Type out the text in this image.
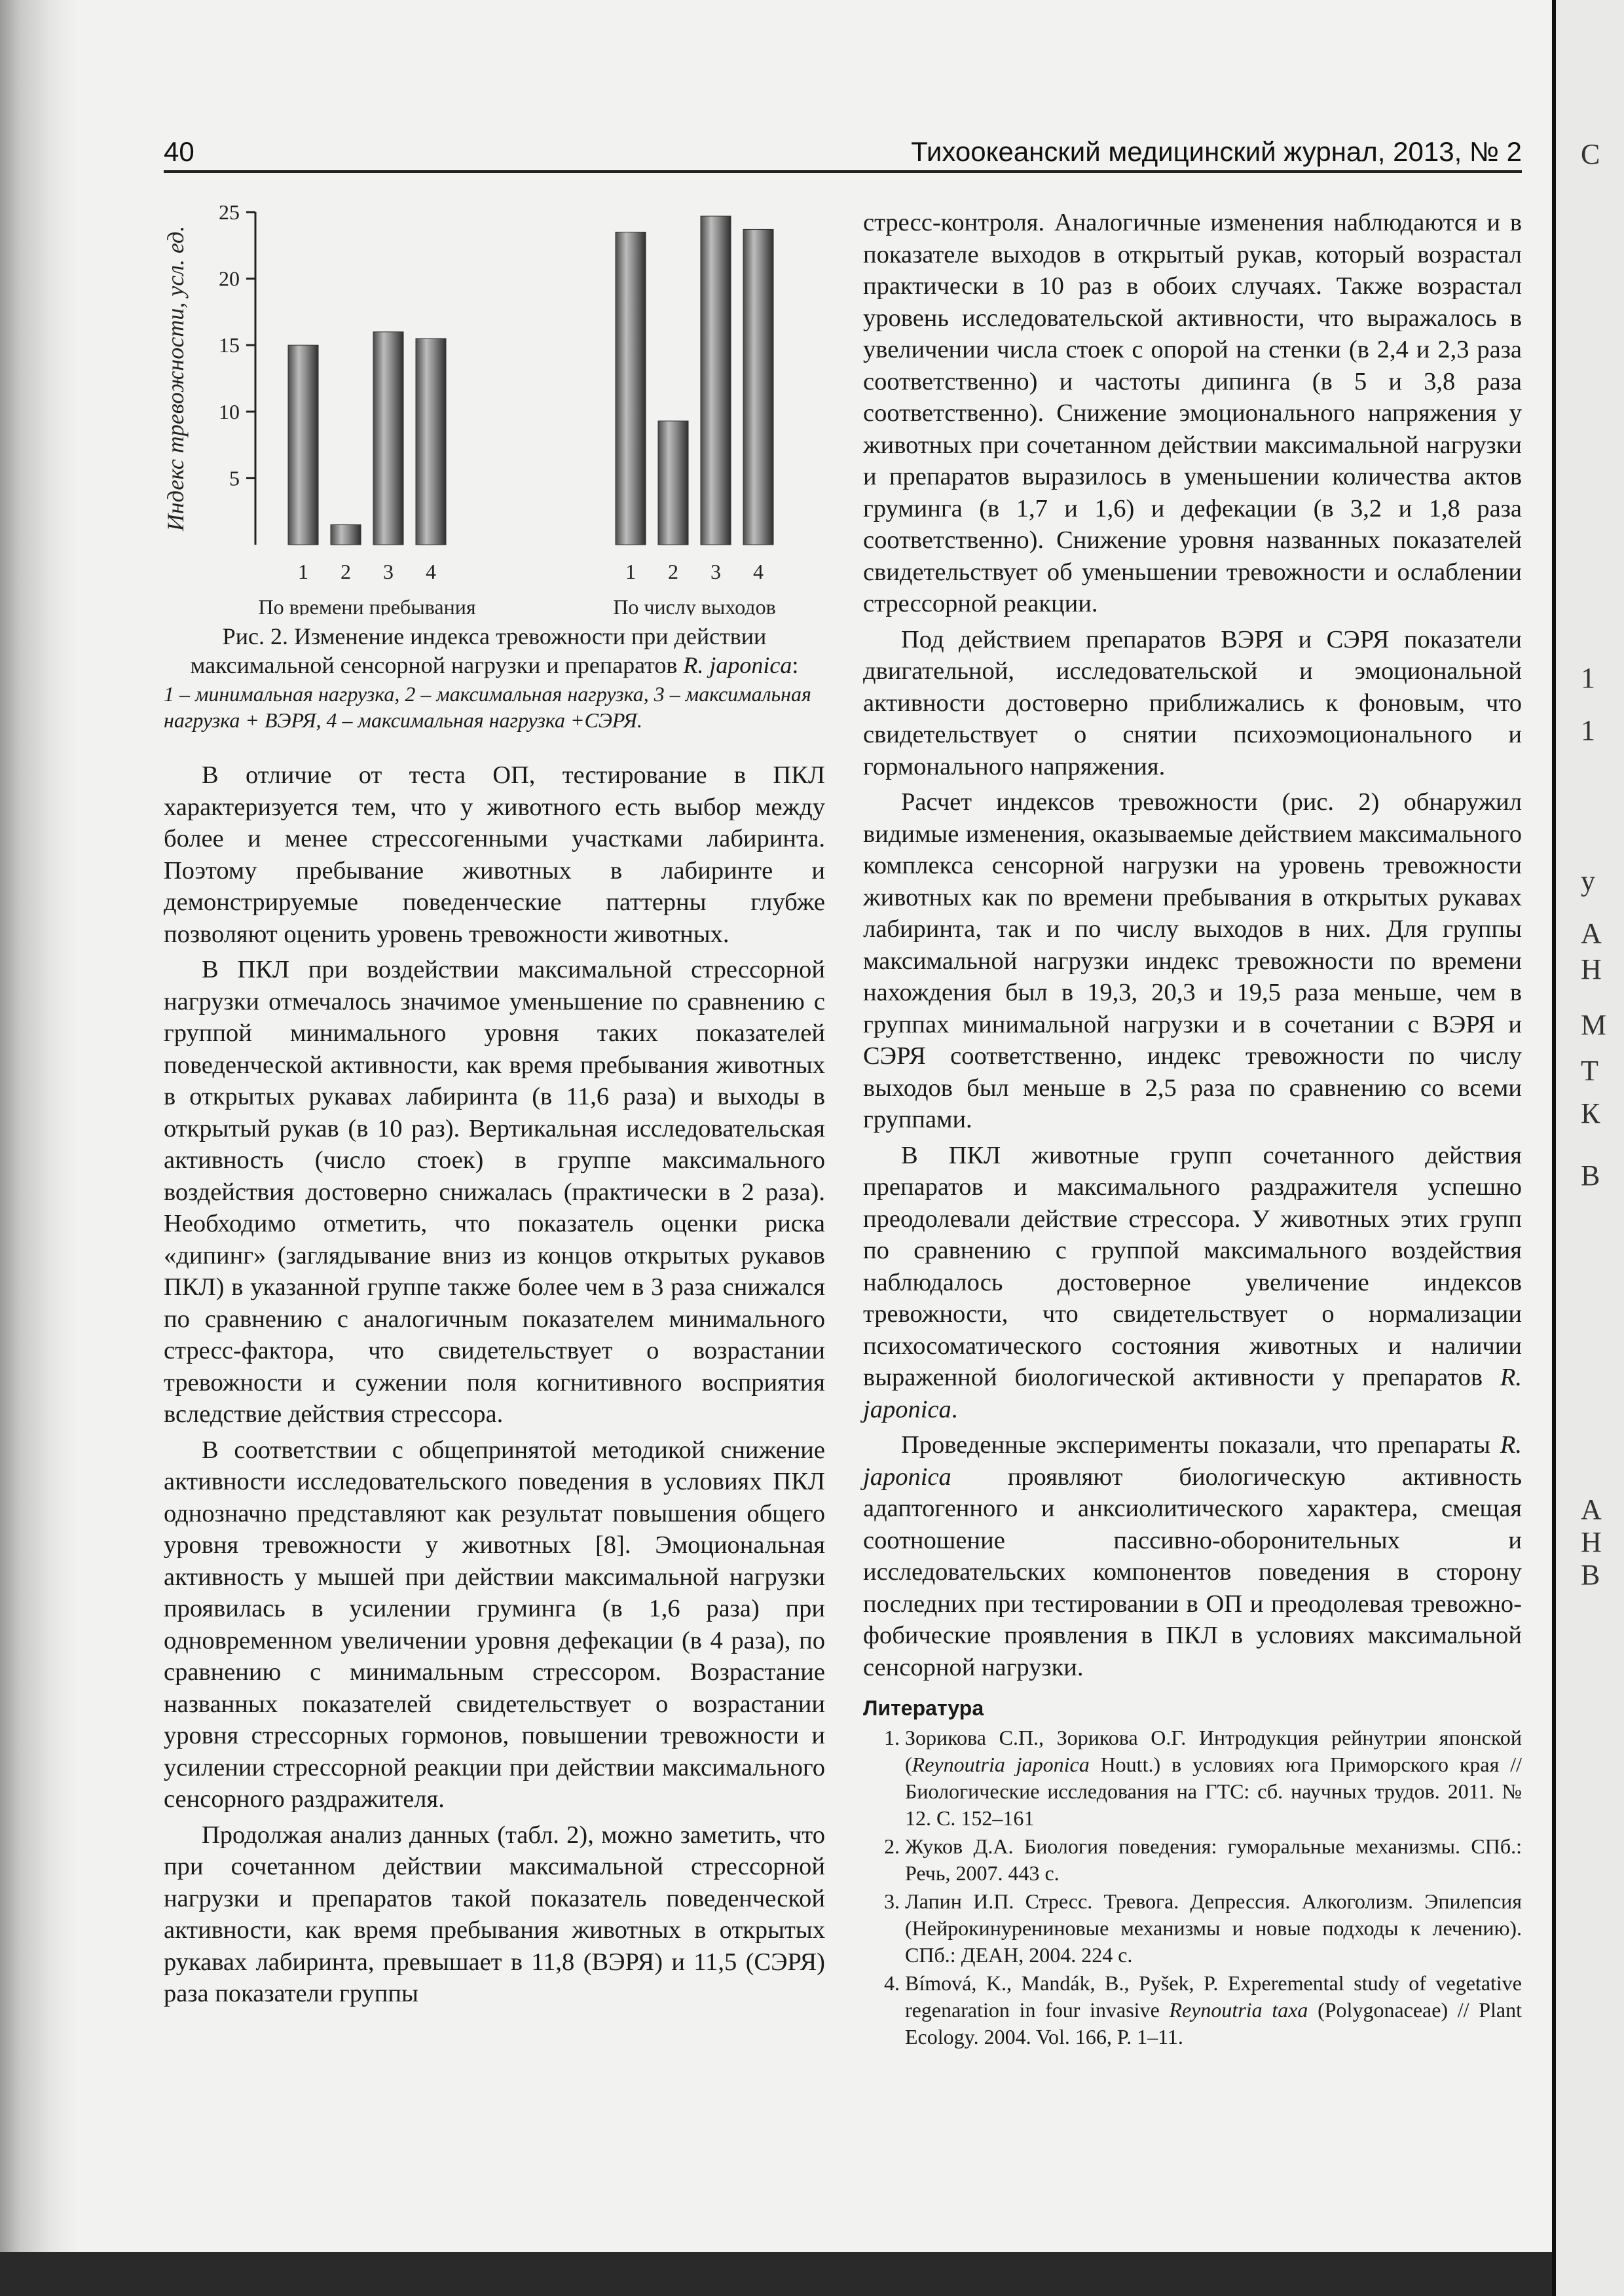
40	Тихоокеанский медицинский журнал, 2013, № 2
5
10
15
20
25
Индекс тревожности, усл. ед.
1 2 3 4
По времени пребывания
1 2 3 4
По числу выходов
Рис. 2. Изменение индекса тревожности при действии
максимальной сенсорной нагрузки и препаратов R. japonica:
1 – минимальная нагрузка, 2 – максимальная нагрузка, 3 – максимальная нагрузка + ВЭРЯ, 4 – максимальная нагрузка +СЭРЯ.

В отличие от теста ОП, тестирование в ПКЛ характеризуется тем, что у животного есть выбор между более и менее стрессогенными участками лабиринта. Поэтому пребывание животных в лабиринте и демонстрируемые поведенческие паттерны глубже позволяют оценить уровень тревожности животных.

В ПКЛ при воздействии максимальной стрессорной нагрузки отмечалось значимое уменьшение по сравнению с группой минимального уровня таких показателей поведенческой активности, как время пребывания животных в открытых рукавах лабиринта (в 11,6 раза) и выходы в открытый рукав (в 10 раз). Вертикальная исследовательская активность (число стоек) в группе максимального воздействия достоверно снижалась (практически в 2 раза). Необходимо отметить, что показатель оценки риска «дипинг» (заглядывание вниз из концов открытых рукавов ПКЛ) в указанной группе также более чем в 3 раза снижался по сравнению с аналогичным показателем минимального стресс-фактора, что свидетельствует о возрастании тревожности и сужении поля когнитивного восприятия вследствие действия стрессора.

В соответствии с общепринятой методикой снижение активности исследовательского поведения в условиях ПКЛ однозначно представляют как результат повышения общего уровня тревожности у животных [8]. Эмоциональная активность у мышей при действии максимальной нагрузки проявилась в усилении груминга (в 1,6 раза) при одновременном увеличении уровня дефекации (в 4 раза), по сравнению с минимальным стрессором. Возрастание названных показателей свидетельствует о возрастании уровня стрессорных гормонов, повышении тревожности и усилении стрессорной реакции при действии максимального сенсорного раздражителя.

Продолжая анализ данных (табл. 2), можно заметить, что при сочетанном действии максимальной стрессорной нагрузки и препаратов такой показатель поведенческой активности, как время пребывания животных в открытых рукавах лабиринта, превышает в 11,8 (ВЭРЯ) и 11,5 (СЭРЯ) раза показатели группы

стресс-контроля. Аналогичные изменения наблюдаются и в показателе выходов в открытый рукав, который возрастал практически в 10 раз в обоих случаях. Также возрастал уровень исследовательской активности, что выражалось в увеличении числа стоек с опорой на стенки (в 2,4 и 2,3 раза соответственно) и частоты дипинга (в 5 и 3,8 раза соответственно). Снижение эмоционального напряжения у животных при сочетанном действии максимальной нагрузки и препаратов выразилось в уменьшении количества актов груминга (в 1,7 и 1,6) и дефекации (в 3,2 и 1,8 раза соответственно). Снижение уровня названных показателей свидетельствует об уменьшении тревожности и ослаблении стрессорной реакции.

Под действием препаратов ВЭРЯ и СЭРЯ показатели двигательной, исследовательской и эмоциональной активности достоверно приближались к фоновым, что свидетельствует о снятии психоэмоционального и гормонального напряжения.

Расчет индексов тревожности (рис. 2) обнаружил видимые изменения, оказываемые действием максимального комплекса сенсорной нагрузки на уровень тревожности животных как по времени пребывания в открытых рукавах лабиринта, так и по числу выходов в них. Для группы максимальной нагрузки индекс тревожности по времени нахождения был в 19,3, 20,3 и 19,5 раза меньше, чем в группах минимальной нагрузки и в сочетании с ВЭРЯ и СЭРЯ соответственно, индекс тревожности по числу выходов был меньше в 2,5 раза по сравнению со всеми группами.

В ПКЛ животные групп сочетанного действия препаратов и максимального раздражителя успешно преодолевали действие стрессора. У животных этих групп по сравнению с группой максимального воздействия наблюдалось достоверное увеличение индексов тревожности, что свидетельствует о нормализации психосоматического состояния животных и наличии выраженной биологической активности у препаратов R. japonica.

Проведенные эксперименты показали, что препараты R. japonica проявляют биологическую активность адаптогенного и анксиолитического характера, смещая соотношение пассивно-оборонительных и исследовательских компонентов поведения в сторону последних при тестировании в ОП и преодолевая тревожно-фобические проявления в ПКЛ в условиях максимальной сенсорной нагрузки.

Литература
1. Зорикова С.П., Зорикова О.Г. Интродукция рейнутрии японской (Reynoutria japonica Houtt.) в условиях юга Приморского края // Биологические исследования на ГТС: сб. научных трудов. 2011. № 12. С. 152–161
2. Жуков Д.А. Биология поведения: гуморальные механизмы. СПб.: Речь, 2007. 443 с.
3. Лапин И.П. Стресс. Тревога. Депрессия. Алкоголизм. Эпилепсия (Нейрокинурениновые механизмы и новые подходы к лечению). СПб.: ДЕАН, 2004. 224 с.
4. Bímová, K., Mandák, B., Pyšek, P. Experemental study of vegetative regenaration in four invasive Reynoutria taxa (Polygonaceae) // Plant Ecology. 2004. Vol. 166, P. 1–11.
С
1
1
у
А
Н
М
Т
К
В
А
Н
В
